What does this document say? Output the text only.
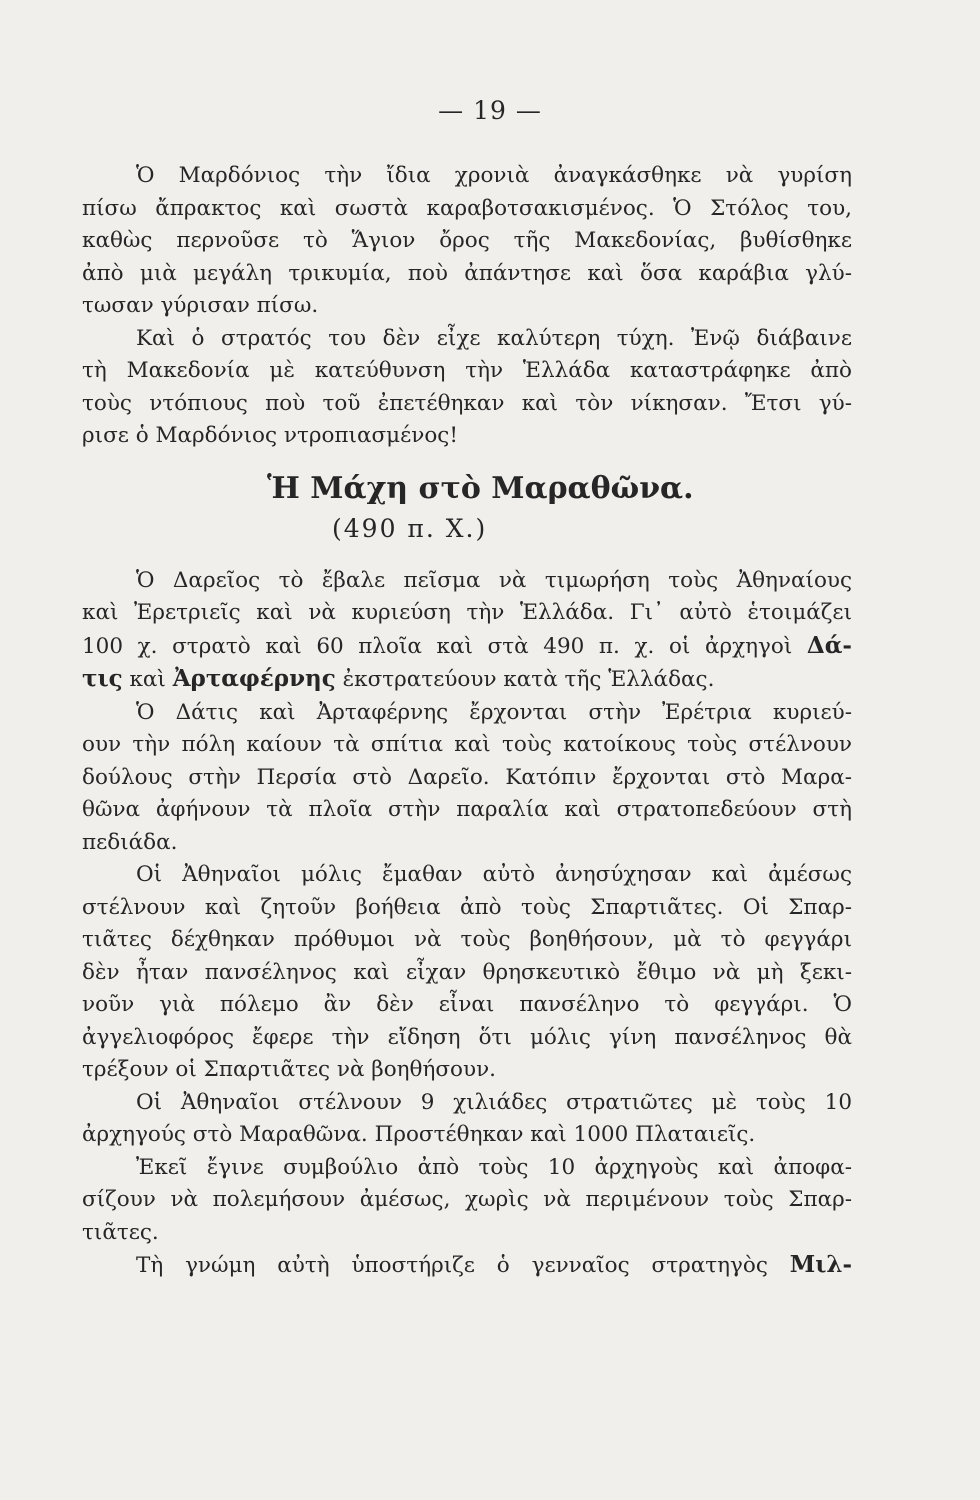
— 19 —
Ὁ Μαρδόνιος τὴν ἴδια χρονιὰ ἀναγκάσθηκε νὰ γυρίση
πίσω ἄπρακτος καὶ σωστὰ καραβοτσακισμένος. Ὁ Στόλος του,
καθὼς περνοῦσε τὸ Ἅγιον ὄρος τῆς Μακεδονίας, βυθίσθηκε
ἀπὸ μιὰ μεγάλη τρικυμία, ποὺ ἀπάντησε καὶ ὅσα καράβια γλύ-
τωσαν γύρισαν πίσω.
Καὶ ὁ στρατός του δὲν εἶχε καλύτερη τύχη. Ἐνῷ διάβαινε
τὴ Μακεδονία μὲ κατεύθυνση τὴν Ἑλλάδα καταστράφηκε ἀπὸ
τοὺς ντόπιους ποὺ τοῦ ἐπετέθηκαν καὶ τὸν νίκησαν. Ἔτσι γύ-
ρισε ὁ Μαρδόνιος ντροπιασμένος!
Ἡ Μάχη στὸ Μαραθῶνα.
(490 π. Χ.)
Ὁ Δαρεῖος τὸ ἔβαλε πεῖσμα νὰ τιμωρήση τοὺς Ἀθηναίους
καὶ Ἐρετριεῖς καὶ νὰ κυριεύση τὴν Ἑλλάδα. Γι᾽ αὐτὸ ἑτοιμάζει
100 χ. στρατὸ καὶ 60 πλοῖα καὶ στὰ 490 π. χ. οἱ ἀρχηγοὶ Δά-
τις καὶ Ἀρταφέρνης ἐκστρατεύουν κατὰ τῆς Ἑλλάδας.
Ὁ Δάτις καὶ Ἀρταφέρνης ἔρχονται στὴν Ἐρέτρια κυριεύ-
ουν τὴν πόλη καίουν τὰ σπίτια καὶ τοὺς κατοίκους τοὺς στέλνουν
δούλους στὴν Περσία στὸ Δαρεῖο. Κατόπιν ἔρχονται στὸ Μαρα-
θῶνα ἀφήνουν τὰ πλοῖα στὴν παραλία καὶ στρατοπεδεύουν στὴ
πεδιάδα.
Οἱ Ἀθηναῖοι μόλις ἔμαθαν αὐτὸ ἀνησύχησαν καὶ ἀμέσως
στέλνουν καὶ ζητοῦν βοήθεια ἀπὸ τοὺς Σπαρτιᾶτες. Οἱ Σπαρ-
τιᾶτες δέχθηκαν πρόθυμοι νὰ τοὺς βοηθήσουν, μὰ τὸ φεγγάρι
δὲν ἦταν πανσέληνος καὶ εἶχαν θρησκευτικὸ ἔθιμο νὰ μὴ ξεκι-
νοῦν γιὰ πόλεμο ἂν δὲν εἶναι πανσέληνο τὸ φεγγάρι. Ὁ
ἀγγελιοφόρος ἔφερε τὴν εἴδηση ὅτι μόλις γίνη πανσέληνος θὰ
τρέξουν οἱ Σπαρτιᾶτες νὰ βοηθήσουν.
Οἱ Ἀθηναῖοι στέλνουν 9 χιλιάδες στρατιῶτες μὲ τοὺς 10
ἀρχηγούς στὸ Μαραθῶνα. Προστέθηκαν καὶ 1000 Πλαταιεῖς.
Ἐκεῖ ἔγινε συμβούλιο ἀπὸ τοὺς 10 ἀρχηγοὺς καὶ ἀποφα-
σίζουν νὰ πολεμήσουν ἀμέσως, χωρὶς νὰ περιμένουν τοὺς Σπαρ-
τιᾶτες.
Τὴ γνώμη αὐτὴ ὑποστήριζε ὁ γενναῖος στρατηγὸς Μιλ-
